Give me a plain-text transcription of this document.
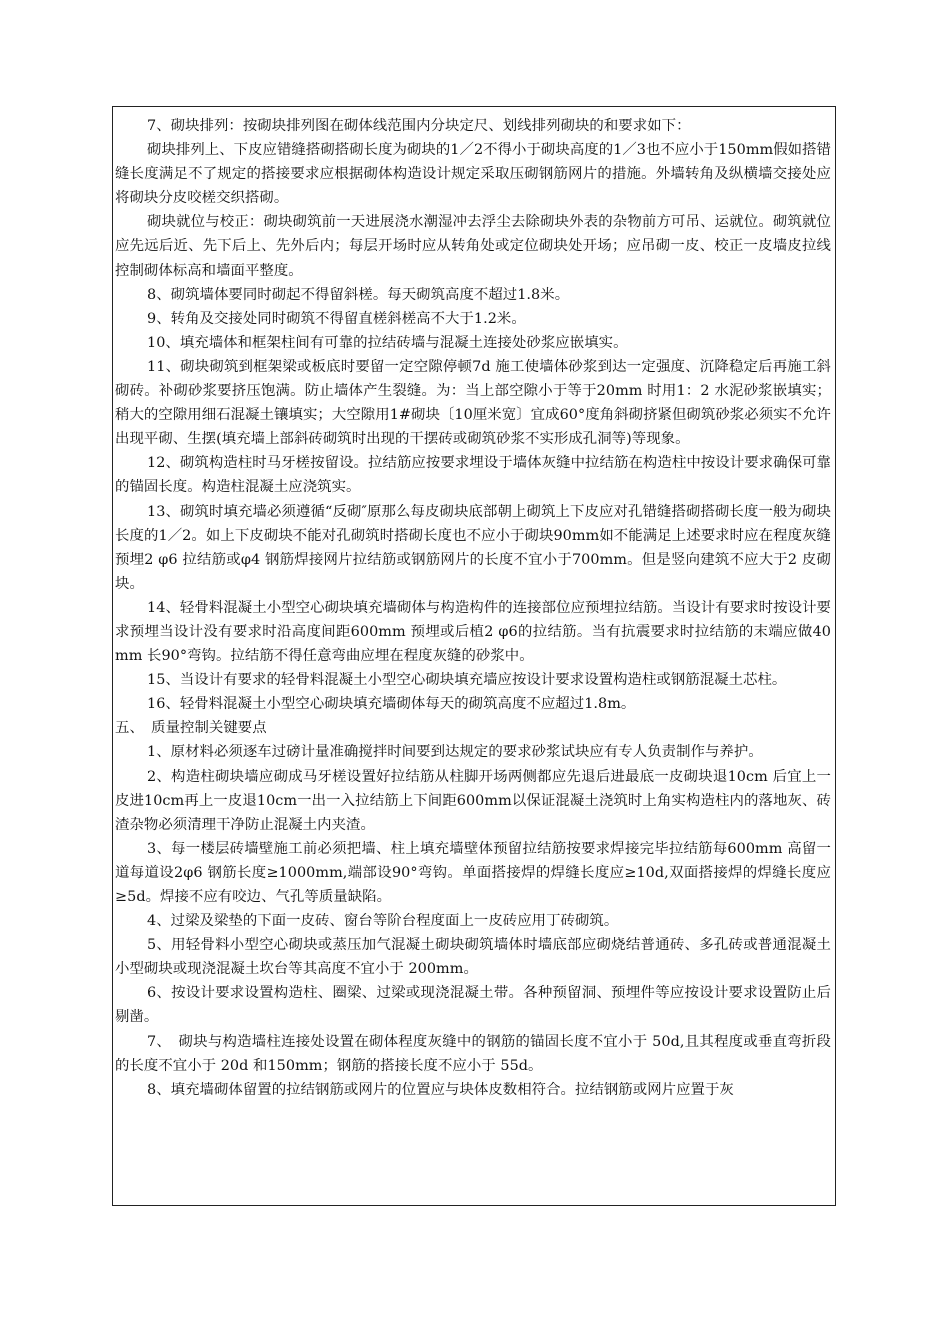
7、砌块排列：按砌块排列图在砌体线范围内分块定尺、划线排列砌块的和要求如下：

砌块排列上、下皮应错缝搭砌搭砌长度为砌块的1／2不得小于砌块高度的1／3也不应小于150mm假如搭错缝长度满足不了规定的搭接要求应根据砌体构造设计规定采取压砌钢筋网片的措施。外墙转角及纵横墙交接处应将砌块分皮咬槎交织搭砌。

砌块就位与校正：砌块砌筑前一天进展浇水潮湿冲去浮尘去除砌块外表的杂物前方可吊、运就位。砌筑就位应先远后近、先下后上、先外后内；每层开场时应从转角处或定位砌块处开场；应吊砌一皮、校正一皮墙皮拉线控制砌体标高和墙面平整度。

8、砌筑墙体要同时砌起不得留斜槎。每天砌筑高度不超过1.8米。

9、转角及交接处同时砌筑不得留直槎斜槎高不大于1.2米。

10、填充墙体和框架柱间有可靠的拉结砖墙与混凝土连接处砂浆应嵌填实。

11、砌块砌筑到框架梁或板底时要留一定空隙停顿7d 施工使墙体砂浆到达一定强度、沉降稳定后再施工斜砌砖。补砌砂浆要挤压饱满。防止墙体产生裂缝。为：当上部空隙小于等于20mm 时用1：2 水泥砂浆嵌填实；稍大的空隙用细石混凝土镶填实；大空隙用1#砌块〔10厘米宽〕宜成60°度角斜砌挤紧但砌筑砂浆必须实不允许出现平砌、生摆(填充墙上部斜砖砌筑时出现的干摆砖或砌筑砂浆不实形成孔洞等)等现象。

12、砌筑构造柱时马牙槎按留设。拉结筋应按要求埋设于墙体灰缝中拉结筋在构造柱中按设计要求确保可靠的锚固长度。构造柱混凝土应浇筑实。

13、砌筑时填充墙必须遵循“反砌″原那么每皮砌块底部朝上砌筑上下皮应对孔错缝搭砌搭砌长度一般为砌块长度的1／2。如上下皮砌块不能对孔砌筑时搭砌长度也不应小于砌块90mm如不能满足上述要求时应在程度灰缝预埋2 φ6 拉结筋或φ4 钢筋焊接网片拉结筋或钢筋网片的长度不宜小于700mm。但是竖向建筑不应大于2 皮砌块。

14、轻骨料混凝土小型空心砌块填充墙砌体与构造构件的连接部位应预埋拉结筋。当设计有要求时按设计要求预埋当设计没有要求时沿高度间距600mm 预埋或后植2 φ6的拉结筋。当有抗震要求时拉结筋的末端应做40mm 长90°弯钩。拉结筋不得任意弯曲应埋在程度灰缝的砂浆中。

15、当设计有要求的轻骨料混凝土小型空心砌块填充墙应按设计要求设置构造柱或钢筋混凝土芯柱。

16、轻骨料混凝土小型空心砌块填充墙砌体每天的砌筑高度不应超过1.8m。

五、　质量控制关键要点

1、原材料必须逐车过磅计量准确搅拌时间要到达规定的要求砂浆试块应有专人负责制作与养护。

2、构造柱砌块墙应砌成马牙槎设置好拉结筋从柱脚开场两侧都应先退后进最底一皮砌块退10cm 后宜上一皮进10cm再上一皮退10cm一出一入拉结筋上下间距600mm以保证混凝土浇筑时上角实构造柱内的落地灰、砖渣杂物必须清理干净防止混凝土内夹渣。

3、每一楼层砖墙壁施工前必须把墙、柱上填充墙壁体预留拉结筋按要求焊接完毕拉结筋每600mm 高留一道每道设2φ6 钢筋长度≥1000mm,端部设90°弯钩。单面搭接焊的焊缝长度应≥10d,双面搭接焊的焊缝长度应≥5d。焊接不应有咬边、气孔等质量缺陷。

4、过梁及梁垫的下面一皮砖、窗台等阶台程度面上一皮砖应用丁砖砌筑。

5、用轻骨料小型空心砌块或蒸压加气混凝土砌块砌筑墙体时墙底部应砌烧结普通砖、多孔砖或普通混凝土小型砌块或现浇混凝土坎台等其高度不宜小于 200mm。

6、按设计要求设置构造柱、圈梁、过梁或现浇混凝土带。各种预留洞、预埋件等应按设计要求设置防止后剔凿。

7、　砌块与构造墙柱连接处设置在砌体程度灰缝中的钢筋的锚固长度不宜小于 50d,且其程度或垂直弯折段的长度不宜小于 20d 和150mm；钢筋的搭接长度不应小于 55d。

8、填充墙砌体留置的拉结钢筋或网片的位置应与块体皮数相符合。拉结钢筋或网片应置于灰
